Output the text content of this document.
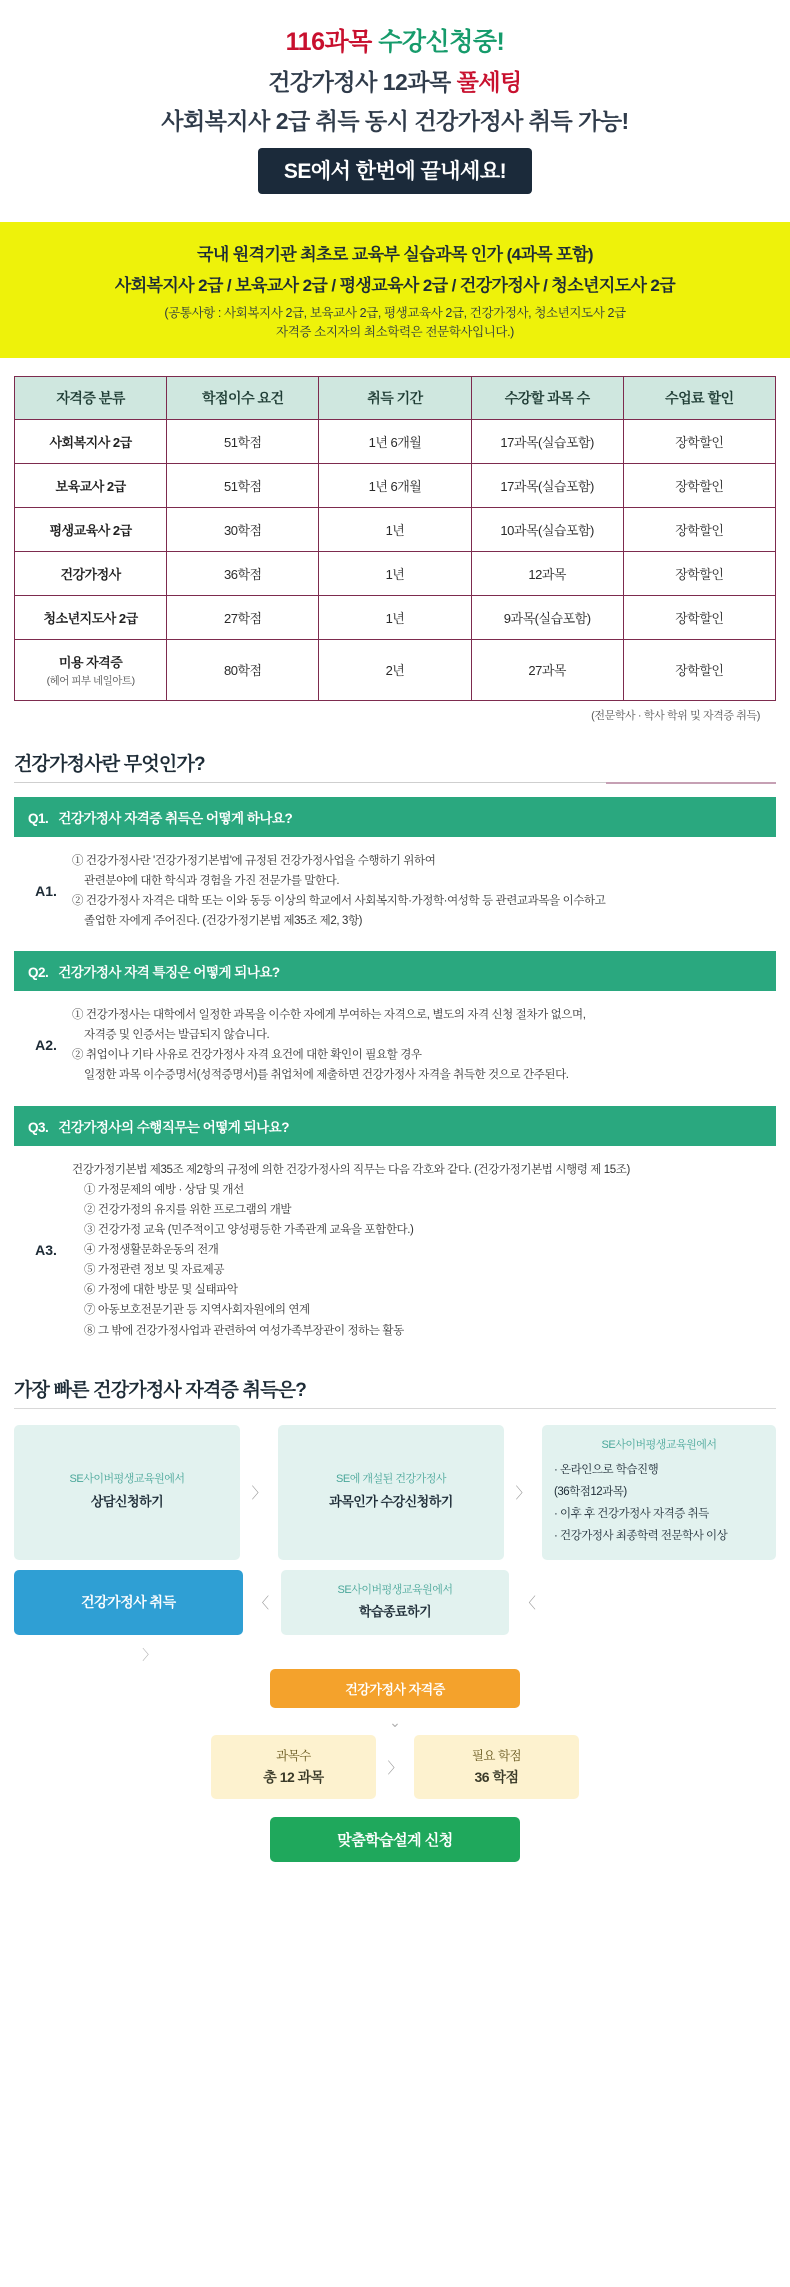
116과목 수강신청중!
건강가정사 12과목 풀세팅
사회복지사 2급 취득 동시 건강가정사 취득 가능!
SE에서 한번에 끝내세요!
국내 원격기관 최초로 교육부 실습과목 인가 (4과목 포함)
사회복지사 2급 / 보육교사 2급 / 평생교육사 2급 / 건강가정사 / 청소년지도사 2급
(공통사항 : 사회복지사 2급, 보육교사 2급, 평생교육사 2급, 건강가정사, 청소년지도사 2급
자격증 소지자의 최소학력은 전문학사입니다.)
자격증 분류	학점이수 요건	취득 기간	수강할 과목 수	수업료 할인
사회복지사 2급	51학점	1년 6개월	17과목(실습포함)	장학할인
보육교사 2급	51학점	1년 6개월	17과목(실습포함)	장학할인
평생교육사 2급	30학점	1년	10과목(실습포함)	장학할인
건강가정사	36학점	1년	12과목	장학할인
청소년지도사 2급	27학점	1년	9과목(실습포함)	장학할인
미용 자격증
(헤어 피부 네일아트)	80학점	2년	27과목	장학할인
(전문학사 · 학사 학위 및 자격증 취득)
건강가정사란 무엇인가?
Q1. 건강가정사 자격증 취득은 어떻게 하나요?
A1.
① 건강가정사란 '건강가정기본법'에 규정된 건강가정사업을 수행하기 위하여
관련분야에 대한 학식과 경험을 가진 전문가를 말한다.
② 건강가정사 자격은 대학 또는 이와 동등 이상의 학교에서 사회복지학·가정학·여성학 등 관련교과목을 이수하고
졸업한 자에게 주어진다. (건강가정기본법 제35조 제2, 3항)
Q2. 건강가정사 자격 특징은 어떻게 되나요?
A2.
① 건강가정사는 대학에서 일정한 과목을 이수한 자에게 부여하는 자격으로, 별도의 자격 신청 절차가 없으며,
자격증 및 인증서는 발급되지 않습니다.
② 취업이나 기타 사유로 건강가정사 자격 요건에 대한 확인이 필요할 경우
일정한 과목 이수증명서(성적증명서)를 취업처에 제출하면 건강가정사 자격을 취득한 것으로 간주된다.
Q3. 건강가정사의 수행직무는 어떻게 되나요?
A3.
건강가정기본법 제35조 제2항의 규정에 의한 건강가정사의 직무는 다음 각호와 같다. (건강가정기본법 시행령 제 15조)
① 가정문제의 예방 · 상담 및 개선
② 건강가정의 유지를 위한 프로그램의 개발
③ 건강가정 교육 (민주적이고 양성평등한 가족관계 교육을 포함한다.)
④ 가정생활문화운동의 전개
⑤ 가정관련 정보 및 자료제공
⑥ 가정에 대한 방문 및 실태파악
⑦ 아동보호전문기관 등 지역사회자원에의 연계
⑧ 그 밖에 건강가정사업과 관련하여 여성가족부장관이 정하는 활동
가장 빠른 건강가정사 자격증 취득은?
SE사이버평생교육원에서
상담신청하기	〉
SE에 개설된 건강가정사
과목인가 수강신청하기	〉
SE사이버평생교육원에서
· 온라인으로 학습진행
(36학점12과목)
· 이후 후 건강가정사 자격증 취득
· 건강가정사 최종학력 전문학사 이상
건강가정사 취득	〈
SE사이버평생교육원에서
학습종료하기	〈
〉
건강가정사 자격증
⌄
과목수
총 12 과목
〉
필요 학점
36 학점
맞춤학습설계 신청
